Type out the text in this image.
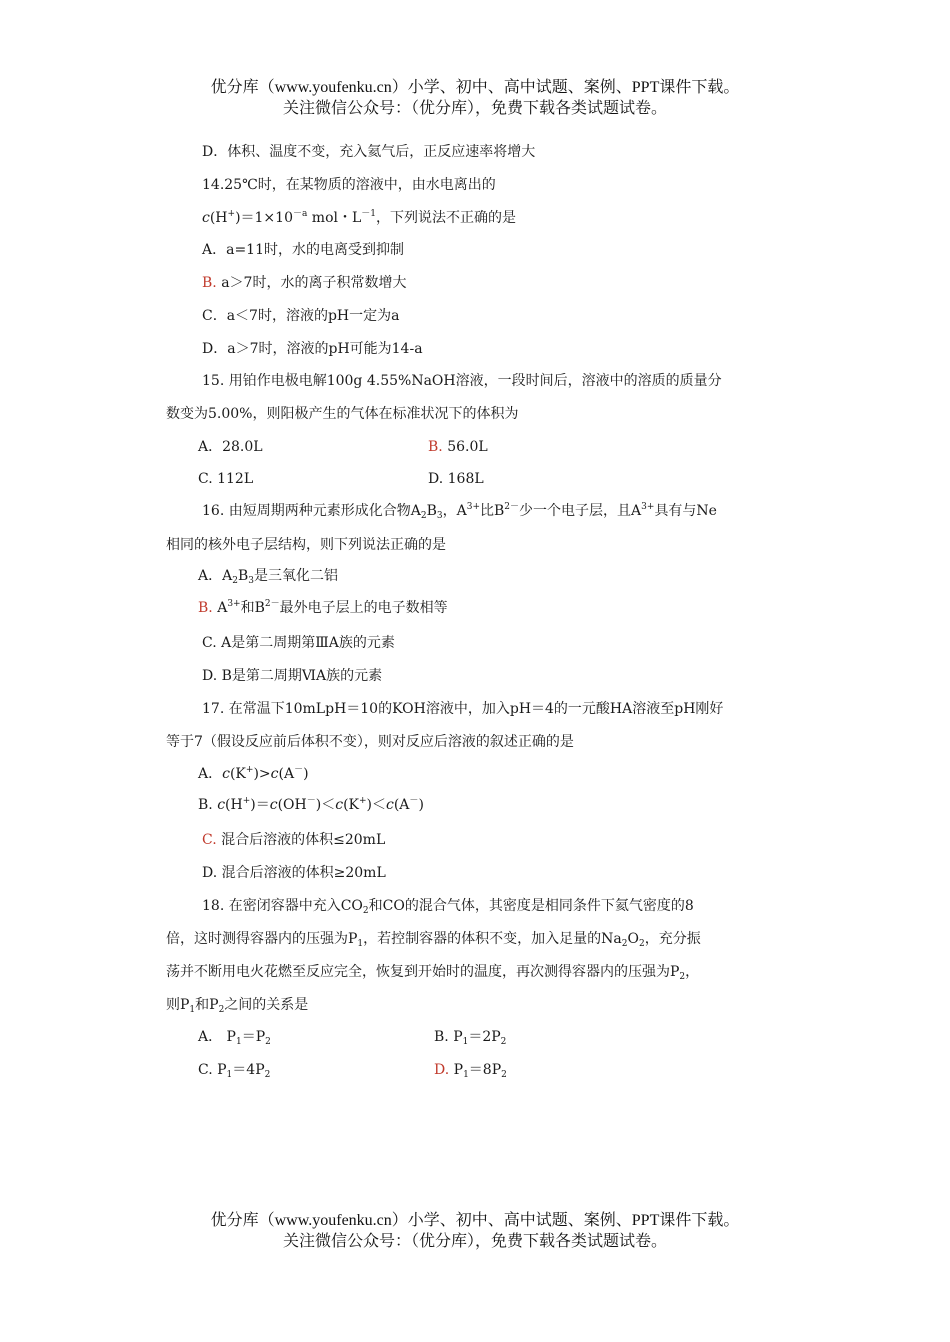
优分库（www.youfenku.cn）小学、初中、高中试题、案例、PPT课件下载。
关注微信公众号：（优分库），免费下载各类试题试卷。
D．体积、温度不变，充入氦气后，正反应速率将增大
14.25℃时，在某物质的溶液中，由水电离出的
$c(H^+)=1\times 10^{-a}$ mol・$L^{-1}$，下列说法不正确的是
A．a=11时，水的电离受到抑制
B. a＞7时，水的离子积常数增大
C．a＜7时，溶液的pH一定为a
D．a＞7时，溶液的pH可能为14-a
15. 用铂作电极电解100g 4.55%NaOH溶液，一段时间后，溶液中的溶质的质量分
数变为5.00%，则阳极产生的气体在标准状况下的体积为
A．28.0L	B. 56.0L
C. 112L	D. 168L
16. 由短周期两种元素形成化合物$A_2B_3$，$A^{3+}$比$B^{2-}$少一个电子层，且$A^{3+}$具有与Ne
相同的核外电子层结构，则下列说法正确的是
A．$A_2B_3$是三氧化二铝
B. $A^{3+}$和$B^{2-}$最外电子层上的电子数相等
C. A是第二周期第ⅢA族的元素
D. B是第二周期ⅥA族的元素
17. 在常温下10mLpH＝10的KOH溶液中，加入pH＝4的一元酸HA溶液至pH刚好
等于7（假设反应前后体积不变），则对反应后溶液的叙述正确的是
A．c(K+)>c(A－)
B. c(H+)＝c(OH－)＜c(K+)＜c(A－)
C. 混合后溶液的体积≤20mL
D. 混合后溶液的体积≥20mL
18. 在密闭容器中充入$CO_2$和CO的混合气体，其密度是相同条件下氦气密度的8
倍，这时测得容器内的压强为$P_1$，若控制容器的体积不变，加入足量的$Na_2O_2$，充分振
荡并不断用电火花燃至反应完全，恢复到开始时的温度，再次测得容器内的压强为$P_2$，
则$P_1$和$P_2$之间的关系是
A． $P_1=P_2$	B. $P_1=2P_2$
C. $P_1=4P_2$	D. $P_1=8P_2$
优分库（www.youfenku.cn）小学、初中、高中试题、案例、PPT课件下载。
关注微信公众号：（优分库），免费下载各类试题试卷。
